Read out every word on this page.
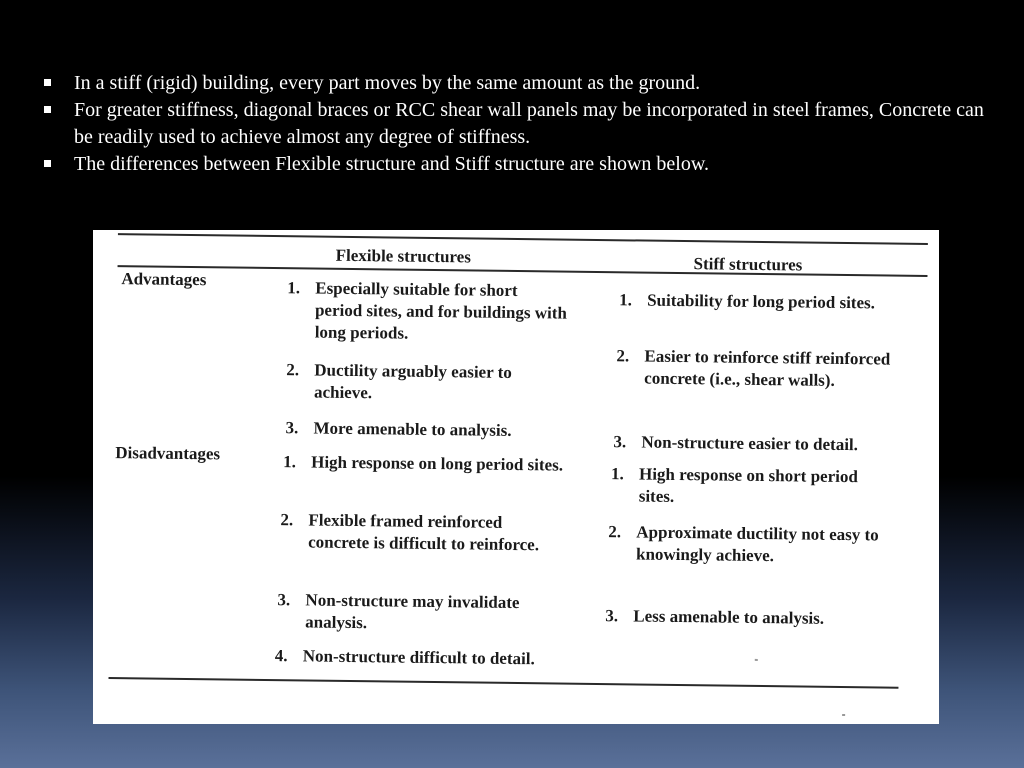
In a stiff (rigid) building, every part moves by the same amount as the ground.
For greater stiffness, diagonal braces or RCC shear wall panels may be incorporated in steel frames, Concrete can be readily used to achieve almost any degree of stiffness.
The differences between Flexible structure and Stiff structure are shown below.
Flexible structures	Stiff structures
Advantages
Disadvantages
1. Especially suitable for short period sites, and for buildings with long periods.
2. Ductility arguably easier to achieve.
3. More amenable to analysis.
1. High response on long period sites.
2. Flexible framed reinforced concrete is difficult to reinforce.
3. Non-structure may invalidate analysis.
4. Non-structure difficult to detail.
1. Suitability for long period sites.
2. Easier to reinforce stiff reinforced concrete (i.e., shear walls).
3. Non-structure easier to detail.
1. High response on short period sites.
2. Approximate ductility not easy to knowingly achieve.
3. Less amenable to analysis.
